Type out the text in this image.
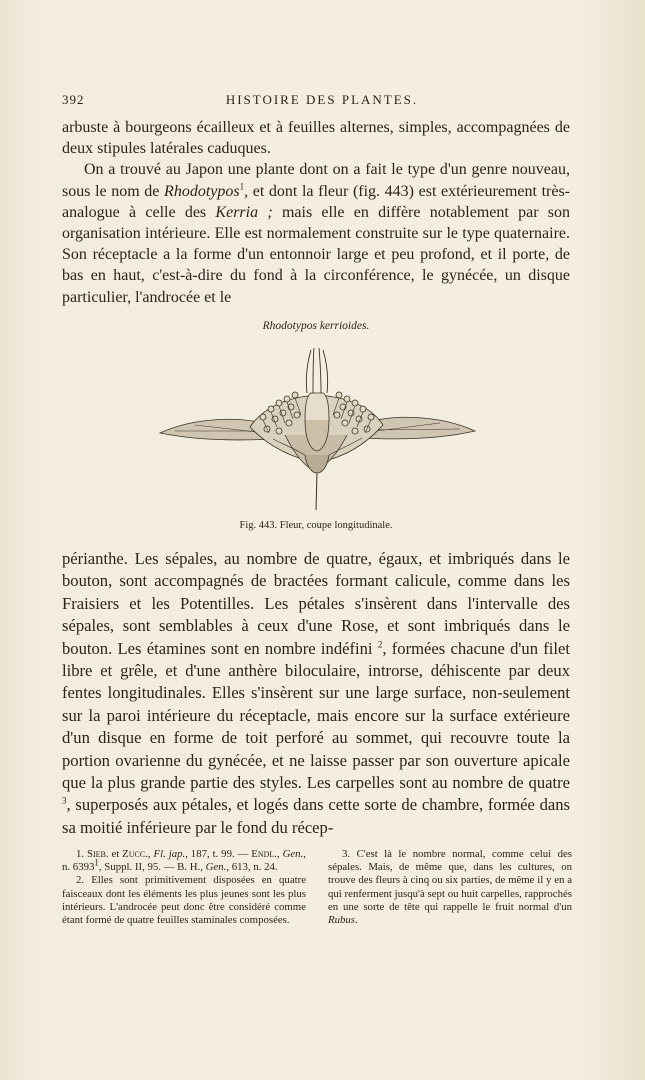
392	HISTOIRE DES PLANTES.

arbuste à bourgeons écailleux et à feuilles alternes, simples, accompagnées de deux stipules latérales caduques.

On a trouvé au Japon une plante dont on a fait le type d'un genre nouveau, sous le nom de Rhodotypos$^1$, et dont la fleur (fig. 443) est extérieurement très-analogue à celle des Kerria ; mais elle en diffère notablement par son organisation intérieure. Elle est normalement construite sur le type quaternaire. Son réceptacle a la forme d'un entonnoir large et peu profond, et il porte, de bas en haut, c'est-à-dire du fond à la circonférence, le gynécée, un disque particulier, l'androcée et le

Rhodotypos kerrioides.
Fig. 443. Fleur, coupe longitudinale.

périanthe. Les sépales, au nombre de quatre, égaux, et imbriqués dans le bouton, sont accompagnés de bractées formant calicule, comme dans les Fraisiers et les Potentilles. Les pétales s'insèrent dans l'intervalle des sépales, sont semblables à ceux d'une Rose, et sont imbriqués dans le bouton. Les étamines sont en nombre indéfini $^2$, formées chacune d'un filet libre et grêle, et d'une anthère biloculaire, introrse, déhiscente par deux fentes longitudinales. Elles s'insèrent sur une large surface, non-seulement sur la paroi intérieure du réceptacle, mais encore sur la surface extérieure d'un disque en forme de toit perforé au sommet, qui recouvre toute la portion ovarienne du gynécée, et ne laisse passer par son ouverture apicale que la plus grande partie des styles. Les carpelles sont au nombre de quatre $^3$, superposés aux pétales, et logés dans cette sorte de chambre, formée dans sa moitié inférieure par le fond du récep-

1. Sieb. et Zucc., Fl. jap., 187, t. 99. — Endl., Gen., n. 6393$^1$, Suppl. II, 95. — B. H., Gen., 613, n. 24.

2. Elles sont primitivement disposées en quatre faisceaux dont les éléments les plus jeunes sont les plus intérieurs. L'androcée peut donc être considéré comme étant formé de quatre feuilles staminales composées.

3. C'est là le nombre normal, comme celui des sépales. Mais, de même que, dans les cultures, on trouve des fleurs à cinq ou six parties, de même il y en a qui renferment jusqu'à sept ou huit carpelles, rapprochés en une sorte de tête qui rappelle le fruit normal d'un Rubus.
